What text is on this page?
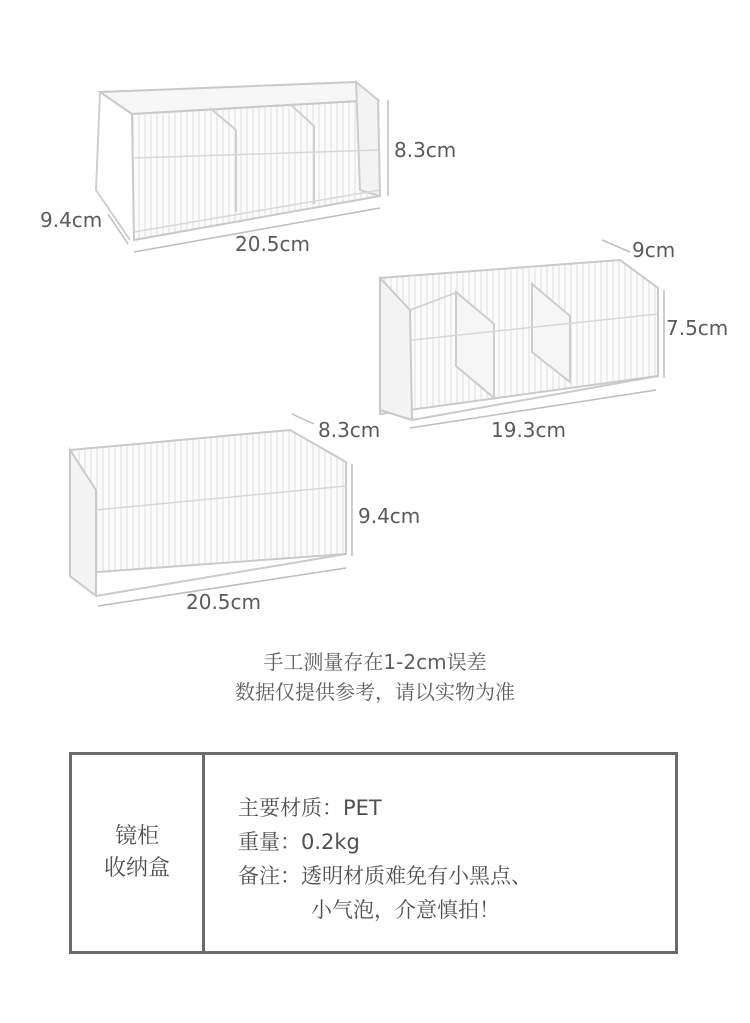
8.3cm
9.4cm
20.5cm	9cm
7.5cm
19.3cm
8.3cm
9.4cm
20.5cm
手工测量存在1-2cm误差
数据仅提供参考，请以实物为准
镜柜
收纳盒
主要材质：PET
重量：0.2kg
备注：透明材质难免有小黑点、
小气泡，介意慎拍！
